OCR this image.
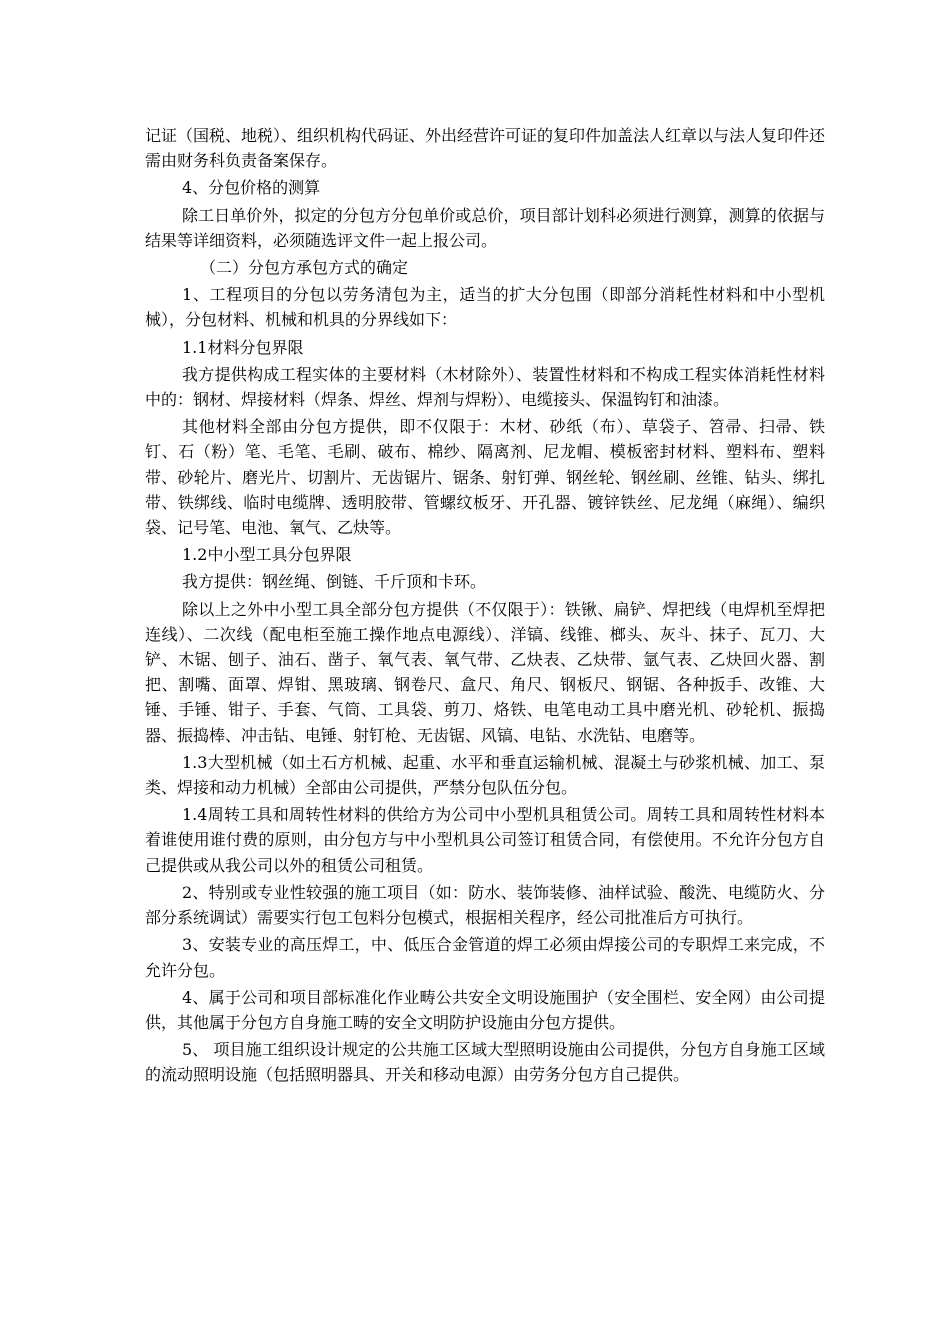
记证（国税、地税）、组织机构代码证、外出经营许可证的复印件加盖法人红章以与法人复印件还需由财务科负责备案保存。

4、分包价格的测算

除工日单价外，拟定的分包方分包单价或总价，项目部计划科必须进行测算，测算的依据与结果等详细资料，必须随选评文件一起上报公司。

（二）分包方承包方式的确定

1、工程项目的分包以劳务清包为主，适当的扩大分包围（即部分消耗性材料和中小型机械），分包材料、机械和机具的分界线如下：

1.1材料分包界限

我方提供构成工程实体的主要材料（木材除外）、装置性材料和不构成工程实体消耗性材料中的：钢材、焊接材料（焊条、焊丝、焊剂与焊粉）、电缆接头、保温钩钉和油漆。

其他材料全部由分包方提供，即不仅限于：木材、砂纸（布）、草袋子、笤帚、扫帚、铁钉、石（粉）笔、毛笔、毛刷、破布、棉纱、隔离剂、尼龙帽、模板密封材料、塑料布、塑料带、砂轮片、磨光片、切割片、无齿锯片、锯条、射钉弹、钢丝轮、钢丝刷、丝锥、钻头、绑扎带、铁绑线、临时电缆牌、透明胶带、管螺纹板牙、开孔器、镀锌铁丝、尼龙绳（麻绳）、编织袋、记号笔、电池、氧气、乙炔等。

1.2中小型工具分包界限

我方提供：钢丝绳、倒链、千斤顶和卡环。

除以上之外中小型工具全部分包方提供（不仅限于）：铁锹、扁铲、焊把线（电焊机至焊把连线）、二次线（配电柜至施工操作地点电源线）、洋镐、线锥、榔头、灰斗、抹子、瓦刀、大铲、木锯、刨子、油石、凿子、氧气表、氧气带、乙炔表、乙炔带、氩气表、乙炔回火器、割把、割嘴、面罩、焊钳、黑玻璃、钢卷尺、盒尺、角尺、钢板尺、钢锯、各种扳手、改锥、大锤、手锤、钳子、手套、气筒、工具袋、剪刀、烙铁、电笔电动工具中磨光机、砂轮机、振捣器、振捣棒、冲击钻、电锤、射钉枪、无齿锯、风镐、电钻、水洗钻、电磨等。

1.3大型机械（如土石方机械、起重、水平和垂直运输机械、混凝土与砂浆机械、加工、泵类、焊接和动力机械）全部由公司提供，严禁分包队伍分包。

1.4周转工具和周转性材料的供给方为公司中小型机具租赁公司。周转工具和周转性材料本着谁使用谁付费的原则，由分包方与中小型机具公司签订租赁合同，有偿使用。不允许分包方自己提供或从我公司以外的租赁公司租赁。

2、特别或专业性较强的施工项目（如：防水、装饰装修、油样试验、酸洗、电缆防火、分部分系统调试）需要实行包工包料分包模式，根据相关程序，经公司批准后方可执行。

3、安装专业的高压焊工，中、低压合金管道的焊工必须由焊接公司的专职焊工来完成，不允许分包。

4、属于公司和项目部标准化作业畴公共安全文明设施围护（安全围栏、安全网）由公司提供，其他属于分包方自身施工畴的安全文明防护设施由分包方提供。

5、 项目施工组织设计规定的公共施工区域大型照明设施由公司提供，分包方自身施工区域的流动照明设施（包括照明器具、开关和移动电源）由劳务分包方自己提供。
